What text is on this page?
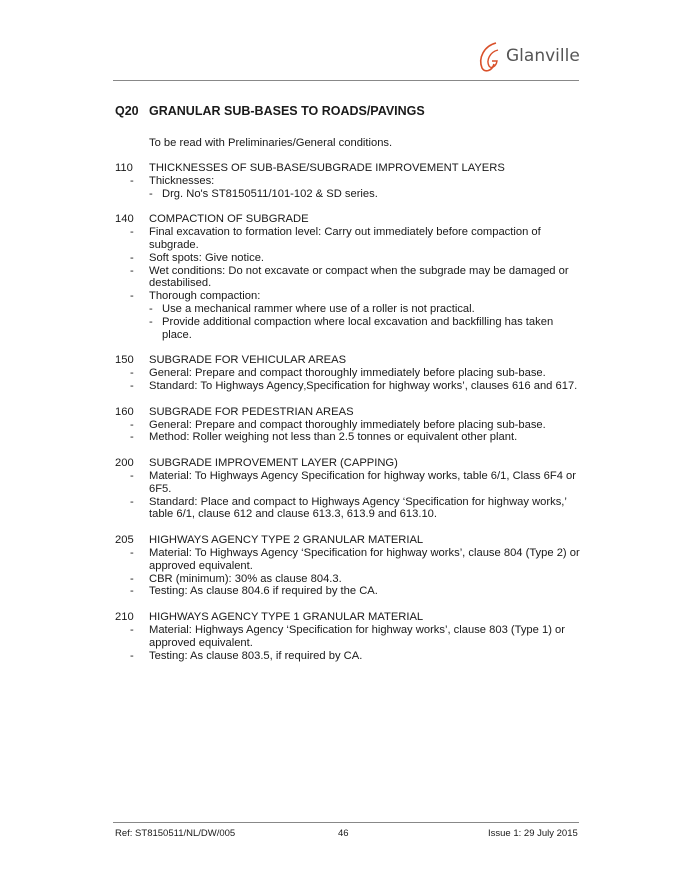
Glanville
Q20 GRANULAR SUB-BASES TO ROADS/PAVINGS
To be read with Preliminaries/General conditions.
110	THICKNESSES OF SUB-BASE/SUBGRADE IMPROVEMENT LAYERS
-	Thicknesses:
- Drg. No's ST8150511/101-102 & SD series.
140	COMPACTION OF SUBGRADE
-	Final excavation to formation level: Carry out immediately before compaction of subgrade.
-	Soft spots: Give notice.
-	Wet conditions: Do not excavate or compact when the subgrade may be damaged or destabilised.
-	Thorough compaction:
- Use a mechanical rammer where use of a roller is not practical.
- Provide additional compaction where local excavation and backfilling has taken place.
150	SUBGRADE FOR VEHICULAR AREAS
-	General: Prepare and compact thoroughly immediately before placing sub-base.
-	Standard: To Highways Agency‚Specification for highway works’, clauses 616 and 617.
160	SUBGRADE FOR PEDESTRIAN AREAS
-	General: Prepare and compact thoroughly immediately before placing sub-base.
-	Method: Roller weighing not less than 2.5 tonnes or equivalent other plant.
200	SUBGRADE IMPROVEMENT LAYER (CAPPING)
-	Material: To Highways Agency Specification for highway works, table 6/1, Class 6F4 or 6F5.
-	Standard: Place and compact to Highways Agency ‘Specification for highway works,’ table 6/1, clause 612 and clause 613.3, 613.9 and 613.10.
205	HIGHWAYS AGENCY TYPE 2 GRANULAR MATERIAL
-	Material: To Highways Agency ‘Specification for highway works’, clause 804 (Type 2) or approved equivalent.
-	CBR (minimum): 30% as clause 804.3.
-	Testing: As clause 804.6 if required by the CA.
210	HIGHWAYS AGENCY TYPE 1 GRANULAR MATERIAL
-	Material: Highways Agency ‘Specification for highway works’, clause 803 (Type 1) or approved equivalent.
-	Testing: As clause 803.5, if required by CA.
Ref: ST8150511/NL/DW/005	46	Issue 1: 29 July 2015
